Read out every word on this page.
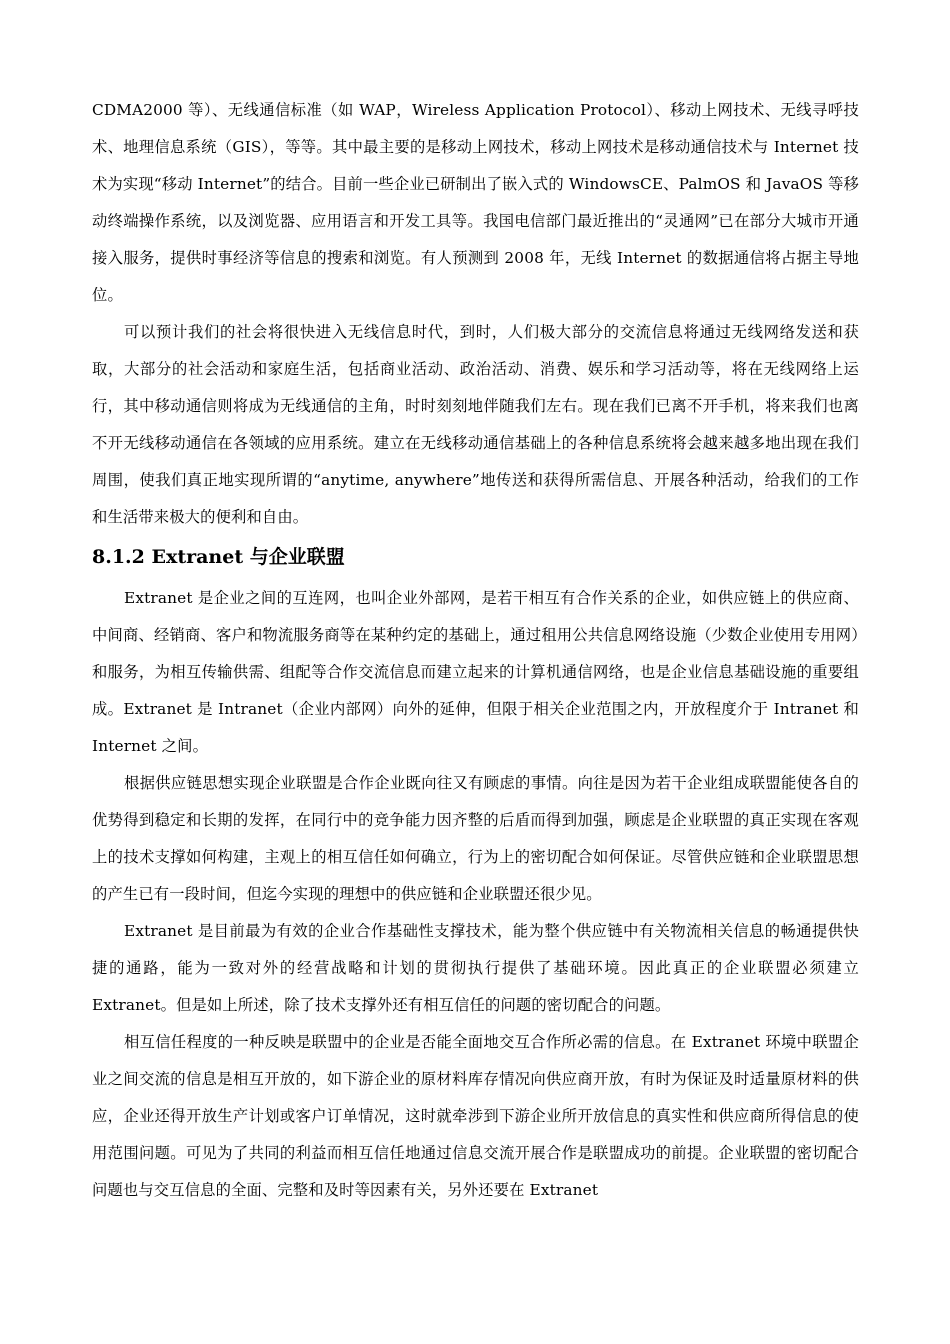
CDMA2000 等）、无线通信标准（如 WAP，Wireless Application Protocol）、移动上网技术、无线寻呼技术、地理信息系统（GIS），等等。其中最主要的是移动上网技术，移动上网技术是移动通信技术与 Internet 技术为实现“移动 Internet”的结合。目前一些企业已研制出了嵌入式的 WindowsCE、PalmOS 和 JavaOS 等移动终端操作系统，以及浏览器、应用语言和开发工具等。我国电信部门最近推出的“灵通网”已在部分大城市开通接入服务，提供时事经济等信息的搜索和浏览。有人预测到 2008 年，无线 Internet 的数据通信将占据主导地位。

可以预计我们的社会将很快进入无线信息时代，到时，人们极大部分的交流信息将通过无线网络发送和获取，大部分的社会活动和家庭生活，包括商业活动、政治活动、消费、娱乐和学习活动等，将在无线网络上运行，其中移动通信则将成为无线通信的主角，时时刻刻地伴随我们左右。现在我们已离不开手机，将来我们也离不开无线移动通信在各领域的应用系统。建立在无线移动通信基础上的各种信息系统将会越来越多地出现在我们周围，使我们真正地实现所谓的“anytime, anywhere”地传送和获得所需信息、开展各种活动，给我们的工作和生活带来极大的便利和自由。

8.1.2 Extranet 与企业联盟

Extranet 是企业之间的互连网，也叫企业外部网，是若干相互有合作关系的企业，如供应链上的供应商、中间商、经销商、客户和物流服务商等在某种约定的基础上，通过租用公共信息网络设施（少数企业使用专用网）和服务，为相互传输供需、组配等合作交流信息而建立起来的计算机通信网络，也是企业信息基础设施的重要组成。Extranet 是 Intranet（企业内部网）向外的延伸，但限于相关企业范围之内，开放程度介于 Intranet 和 Internet 之间。

根据供应链思想实现企业联盟是合作企业既向往又有顾虑的事情。向往是因为若干企业组成联盟能使各自的优势得到稳定和长期的发挥，在同行中的竞争能力因齐整的后盾而得到加强，顾虑是企业联盟的真正实现在客观上的技术支撑如何构建，主观上的相互信任如何确立，行为上的密切配合如何保证。尽管供应链和企业联盟思想的产生已有一段时间，但迄今实现的理想中的供应链和企业联盟还很少见。

Extranet 是目前最为有效的企业合作基础性支撑技术，能为整个供应链中有关物流相关信息的畅通提供快捷的通路，能为一致对外的经营战略和计划的贯彻执行提供了基础环境。因此真正的企业联盟必须建立 Extranet。但是如上所述，除了技术支撑外还有相互信任的问题的密切配合的问题。

相互信任程度的一种反映是联盟中的企业是否能全面地交互合作所必需的信息。在 Extranet 环境中联盟企业之间交流的信息是相互开放的，如下游企业的原材料库存情况向供应商开放，有时为保证及时适量原材料的供应，企业还得开放生产计划或客户订单情况，这时就牵涉到下游企业所开放信息的真实性和供应商所得信息的使用范围问题。可见为了共同的利益而相互信任地通过信息交流开展合作是联盟成功的前提。企业联盟的密切配合问题也与交互信息的全面、完整和及时等因素有关，另外还要在 Extranet
